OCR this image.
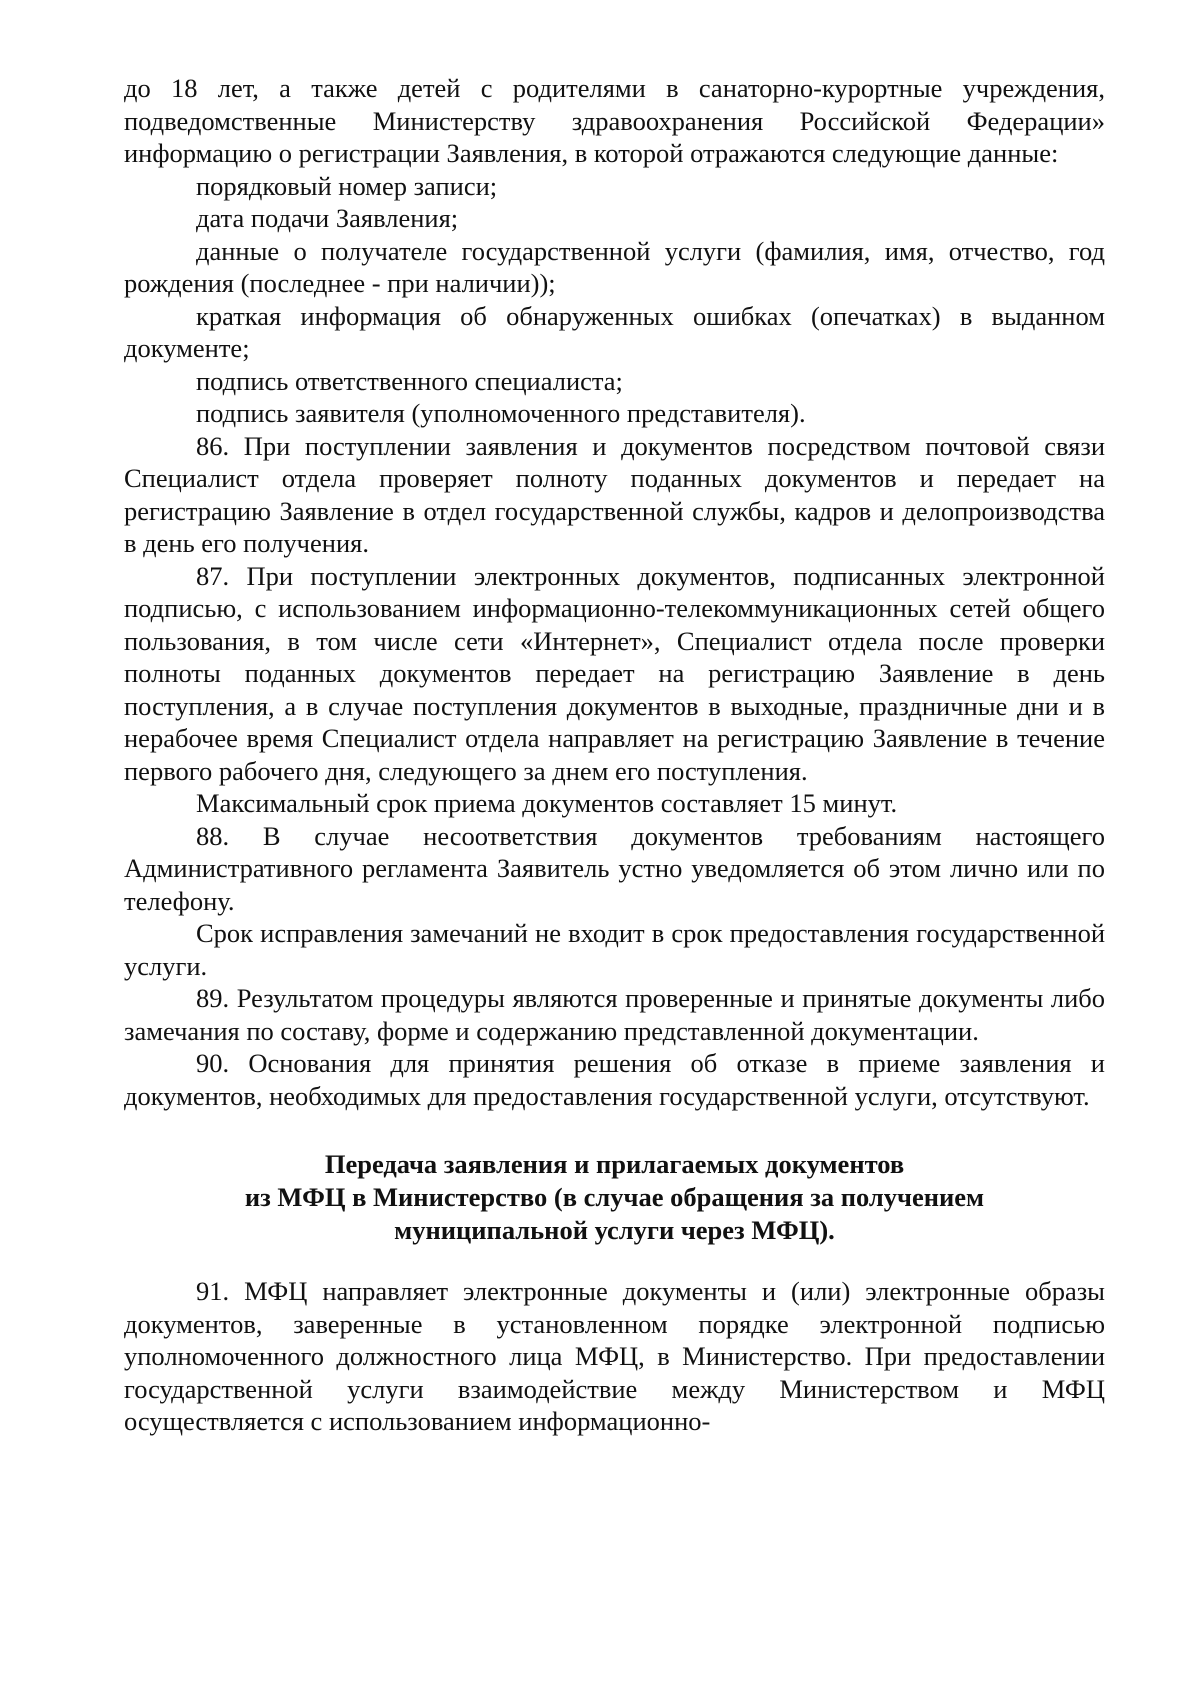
до 18 лет, а также детей с родителями в санаторно-курортные учреждения, подведомственные Министерству здравоохранения Российской Федерации» информацию о регистрации Заявления, в которой отражаются следующие данные:

порядковый номер записи;

дата подачи Заявления;

данные о получателе государственной услуги (фамилия, имя, отчество, год рождения (последнее - при наличии));

краткая информация об обнаруженных ошибках (опечатках) в выданном документе;

подпись ответственного специалиста;

подпись заявителя (уполномоченного представителя).

86. При поступлении заявления и документов посредством почтовой связи Специалист отдела проверяет полноту поданных документов и передает на регистрацию Заявление в отдел государственной службы, кадров и делопроизводства в день его получения.

87. При поступлении электронных документов, подписанных электронной подписью, с использованием информационно-телекоммуникационных сетей общего пользования, в том числе сети «Интернет», Специалист отдела после проверки полноты поданных документов передает на регистрацию Заявление в день поступления, а в случае поступления документов в выходные, праздничные дни и в нерабочее время Специалист отдела направляет на регистрацию Заявление в течение первого рабочего дня, следующего за днем его поступления.

Максимальный срок приема документов составляет 15 минут.

88. В случае несоответствия документов требованиям настоящего Административного регламента Заявитель устно уведомляется об этом лично или по телефону.

Срок исправления замечаний не входит в срок предоставления государственной услуги.

89. Результатом процедуры являются проверенные и принятые документы либо замечания по составу, форме и содержанию представленной документации.

90. Основания для принятия решения об отказе в приеме заявления и документов, необходимых для предоставления государственной услуги, отсутствуют.

Передача заявления и прилагаемых документов
из МФЦ в Министерство (в случае обращения за получением
муниципальной услуги через МФЦ).

91. МФЦ направляет электронные документы и (или) электронные образы документов, заверенные в установленном порядке электронной подписью уполномоченного должностного лица МФЦ, в Министерство. При предоставлении государственной услуги взаимодействие между Министерством и МФЦ осуществляется с использованием информационно-
